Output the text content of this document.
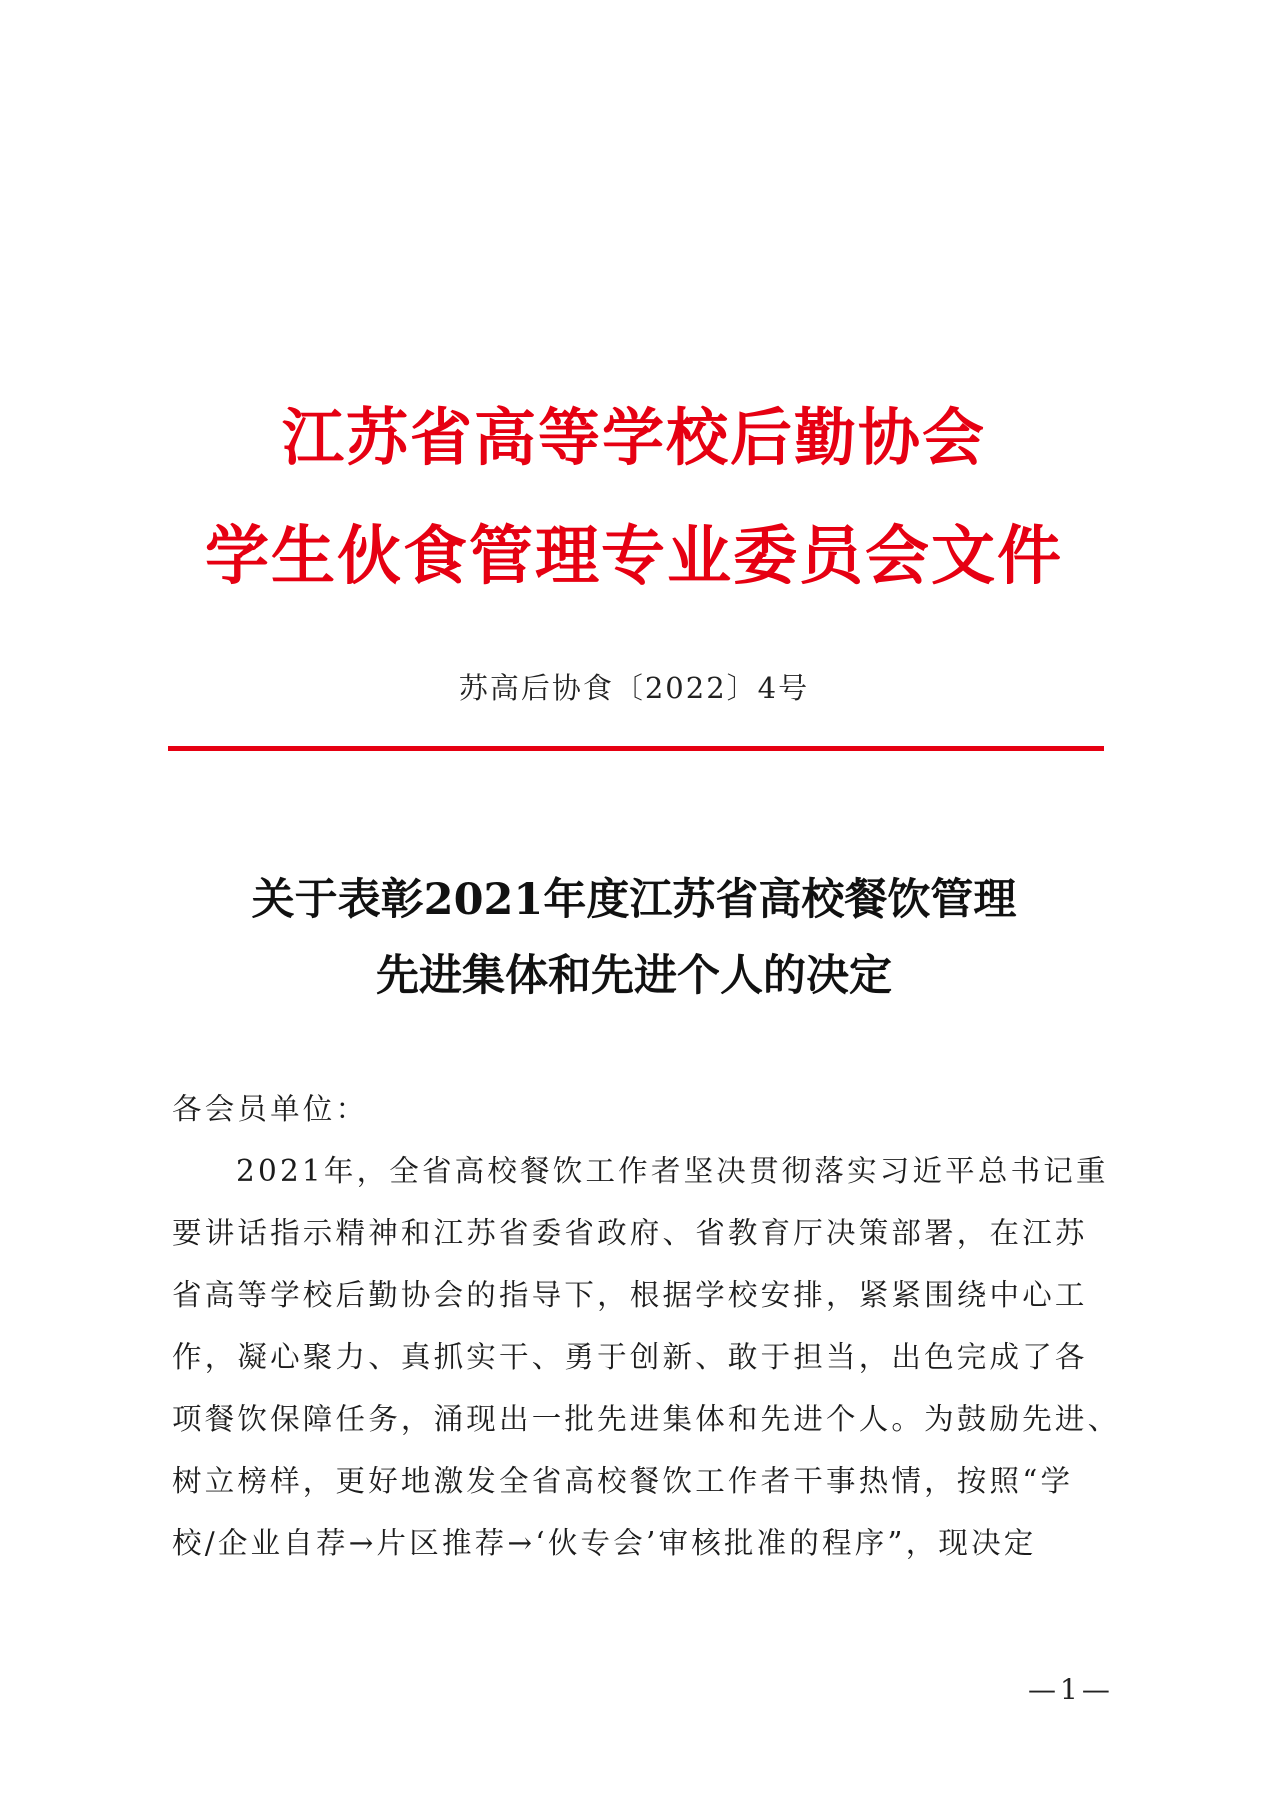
江苏省高等学校后勤协会
学生伙食管理专业委员会文件
苏高后协食〔2022〕4号
关于表彰2021年度江苏省高校餐饮管理
先进集体和先进个人的决定
各会员单位：
2021年，全省高校餐饮工作者坚决贯彻落实习近平总书记重
要讲话指示精神和江苏省委省政府、省教育厅决策部署，在江苏
省高等学校后勤协会的指导下，根据学校安排，紧紧围绕中心工
作，凝心聚力、真抓实干、勇于创新、敢于担当，出色完成了各
项餐饮保障任务，涌现出一批先进集体和先进个人。为鼓励先进、
树立榜样，更好地激发全省高校餐饮工作者干事热情，按照“学
校/企业自荐→片区推荐→‘伙专会’审核批准的程序”，现决定
—1—
